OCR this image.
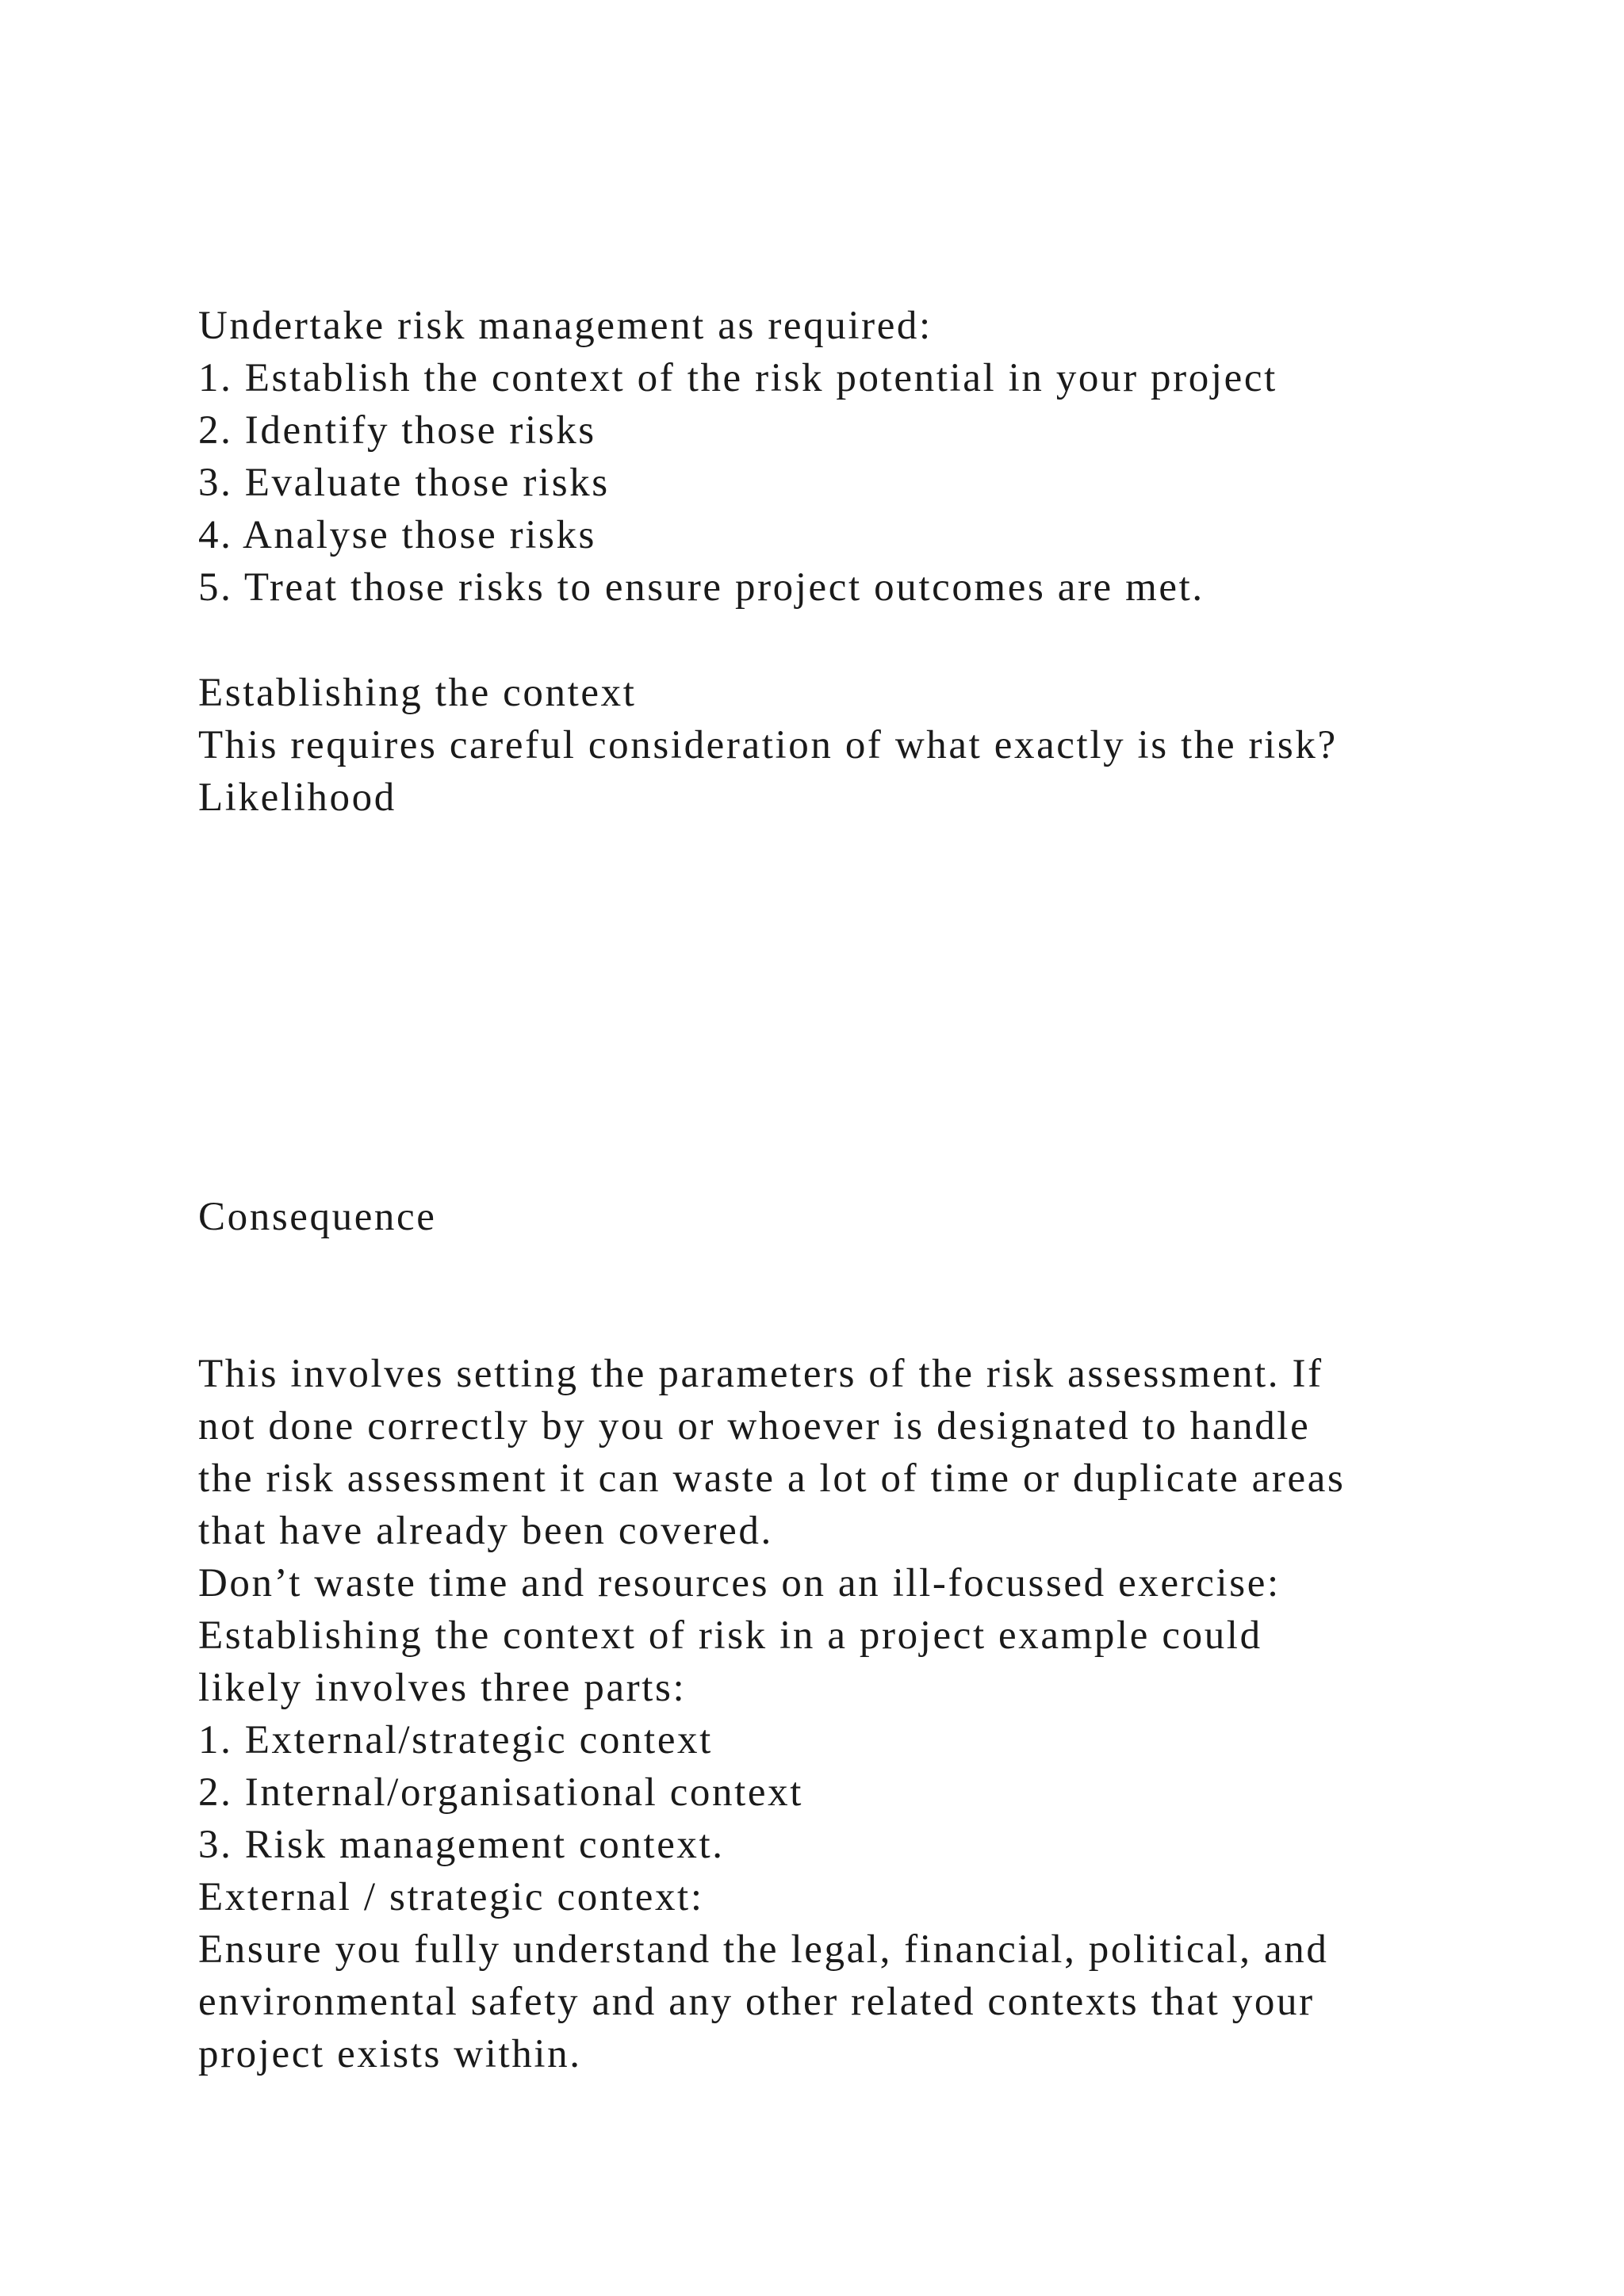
Undertake risk management as required:
1. Establish the context of the risk potential in your project
2. Identify those risks
3. Evaluate those risks
4. Analyse those risks
5. Treat those risks to ensure project outcomes are met.
Establishing the context
This requires careful consideration of what exactly is the risk?
Likelihood
Consequence
This involves setting the parameters of the risk assessment. If
not done correctly by you or whoever is designated to handle
the risk assessment it can waste a lot of time or duplicate areas
that have already been covered.
Don’t waste time and resources on an ill-focussed exercise:
Establishing the context of risk in a project example could
likely involves three parts:
1. External/strategic context
2. Internal/organisational context
3. Risk management context.
External / strategic context:
Ensure you fully understand the legal, financial, political, and
environmental safety and any other related contexts that your
project exists within.
